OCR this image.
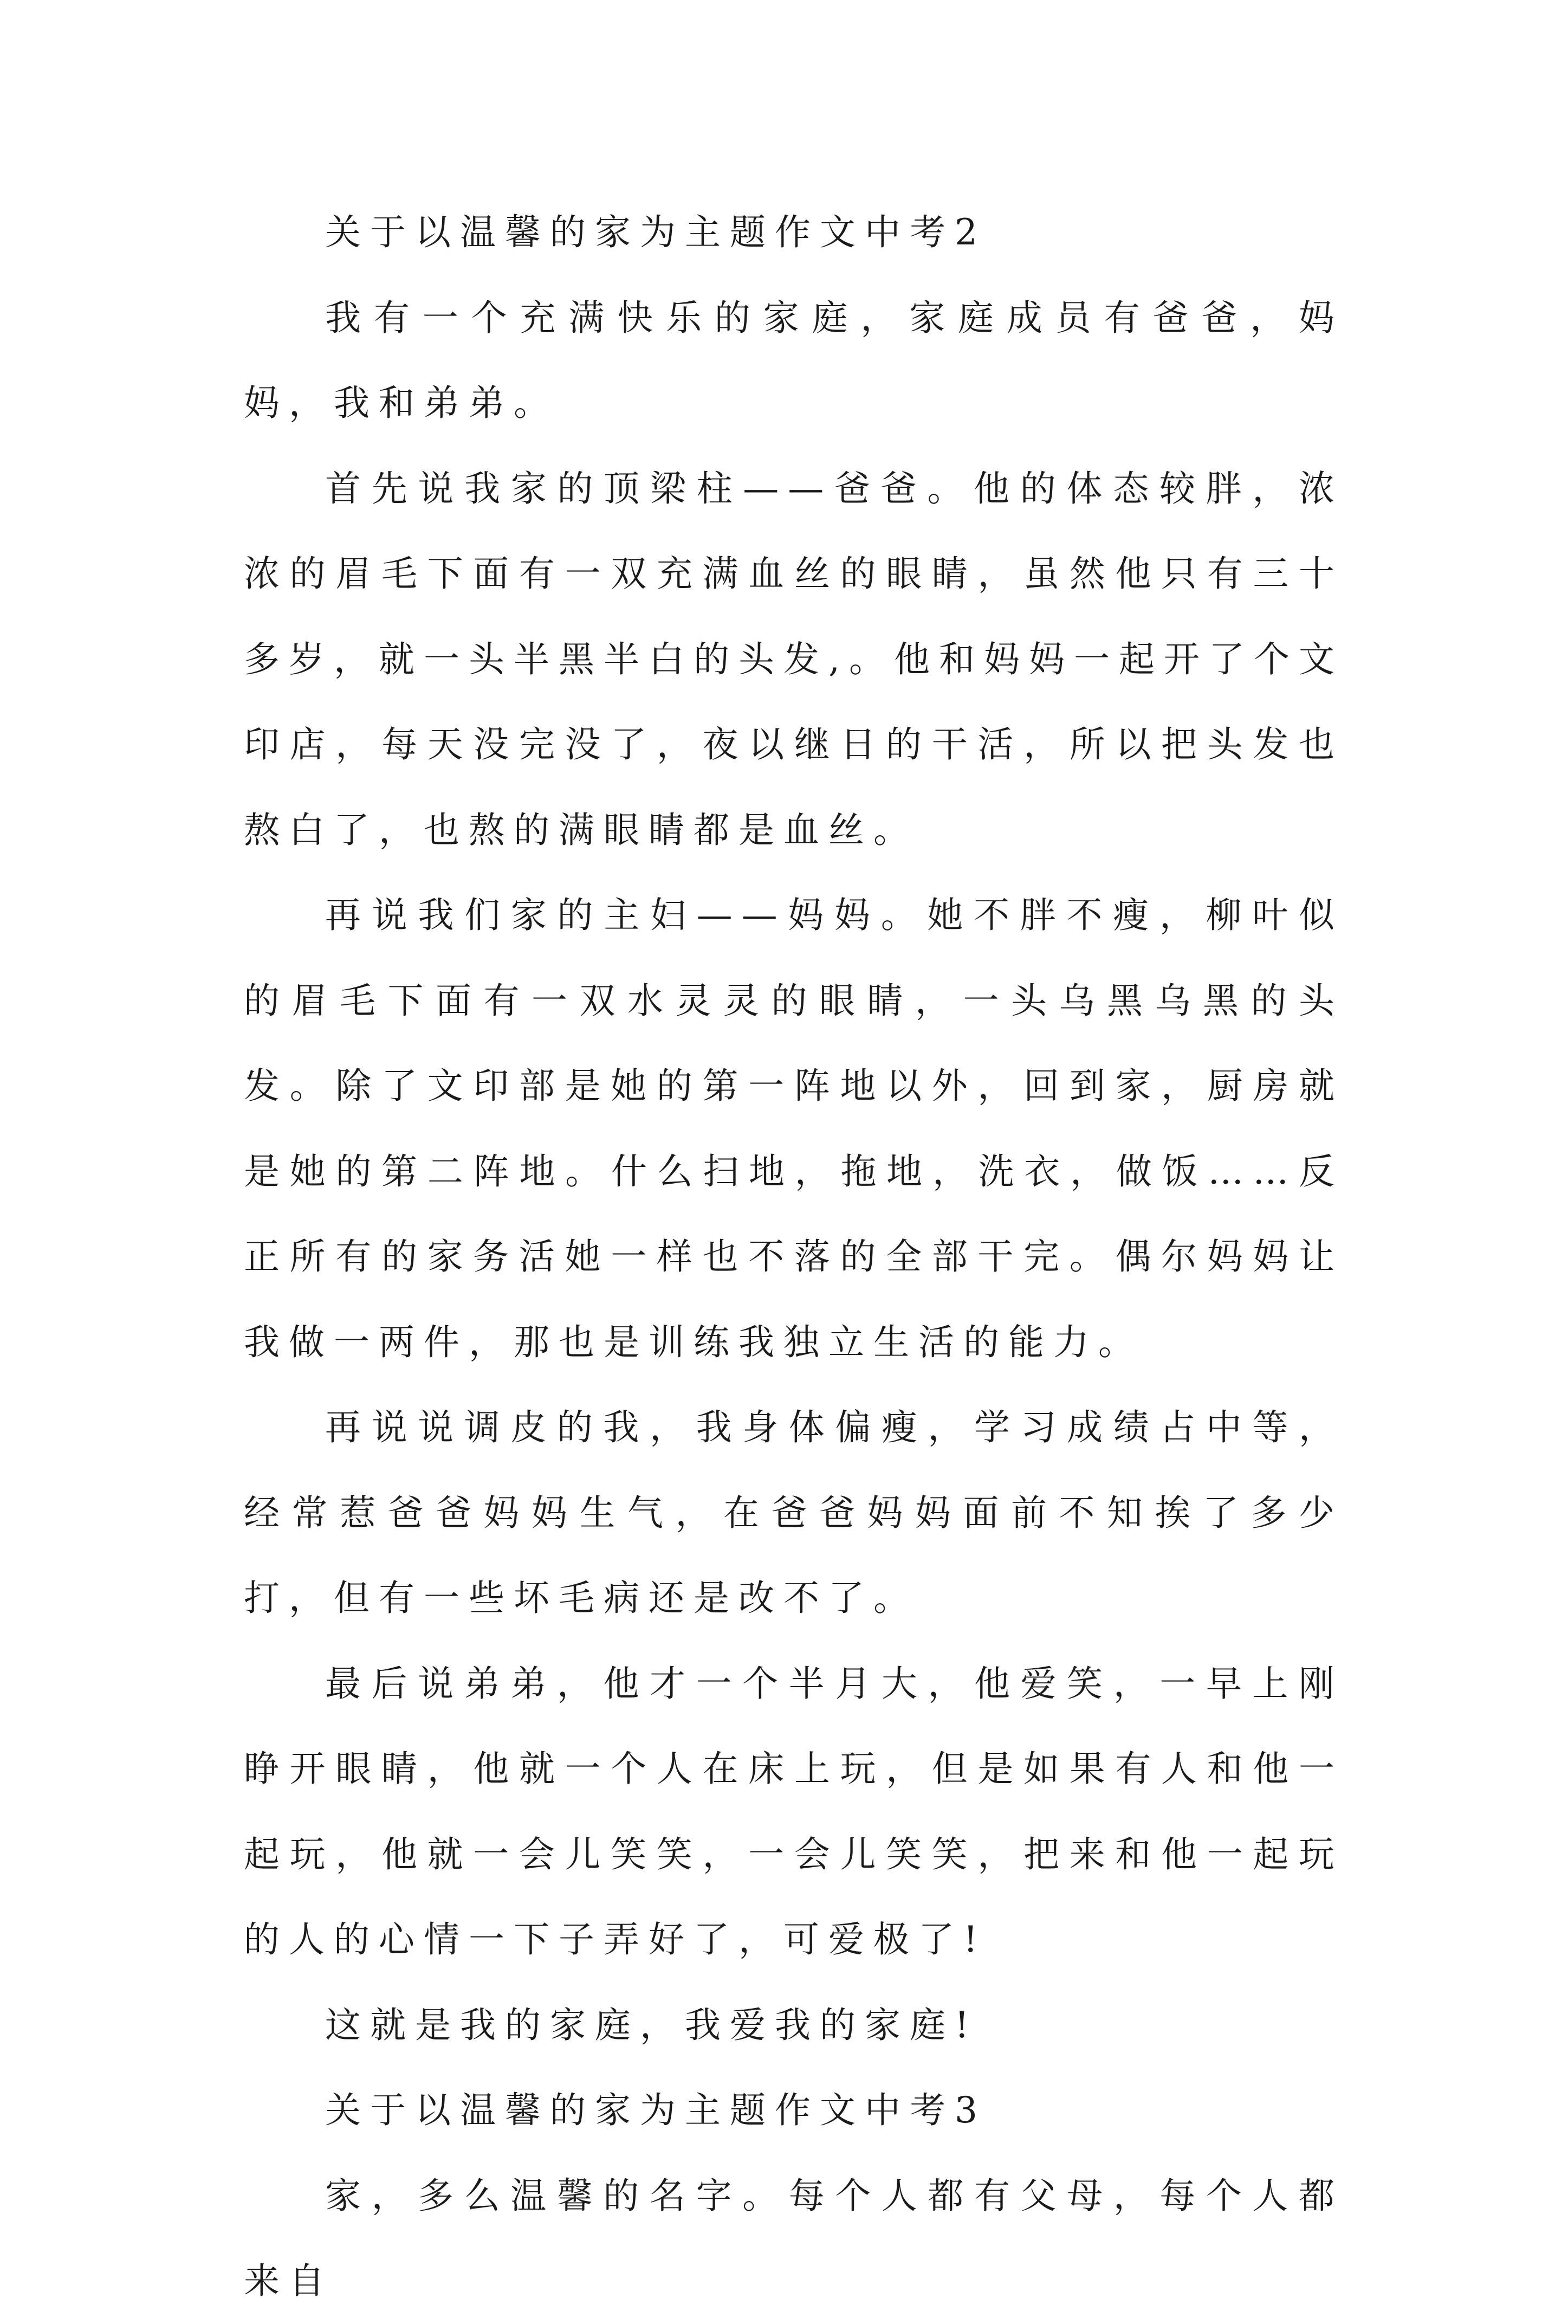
关于以温馨的家为主题作文中考2

我有一个充满快乐的家庭，家庭成员有爸爸，妈妈，我和弟弟。

首先说我家的顶梁柱——爸爸。他的体态较胖，浓浓的眉毛下面有一双充满血丝的眼睛，虽然他只有三十多岁，就一头半黑半白的头发,。他和妈妈一起开了个文印店，每天没完没了，夜以继日的干活，所以把头发也熬白了，也熬的满眼睛都是血丝。

再说我们家的主妇——妈妈。她不胖不瘦，柳叶似的眉毛下面有一双水灵灵的眼睛，一头乌黑乌黑的头发。除了文印部是她的第一阵地以外，回到家，厨房就是她的第二阵地。什么扫地，拖地，洗衣，做饭……反正所有的家务活她一样也不落的全部干完。偶尔妈妈让我做一两件，那也是训练我独立生活的能力。

再说说调皮的我，我身体偏瘦，学习成绩占中等，经常惹爸爸妈妈生气，在爸爸妈妈面前不知挨了多少打，但有一些坏毛病还是改不了。

最后说弟弟，他才一个半月大，他爱笑，一早上刚睁开眼睛，他就一个人在床上玩，但是如果有人和他一起玩，他就一会儿笑笑，一会儿笑笑，把来和他一起玩的人的心情一下子弄好了，可爱极了!

这就是我的家庭，我爱我的家庭!

关于以温馨的家为主题作文中考3

家，多么温馨的名字。每个人都有父母，每个人都来自
